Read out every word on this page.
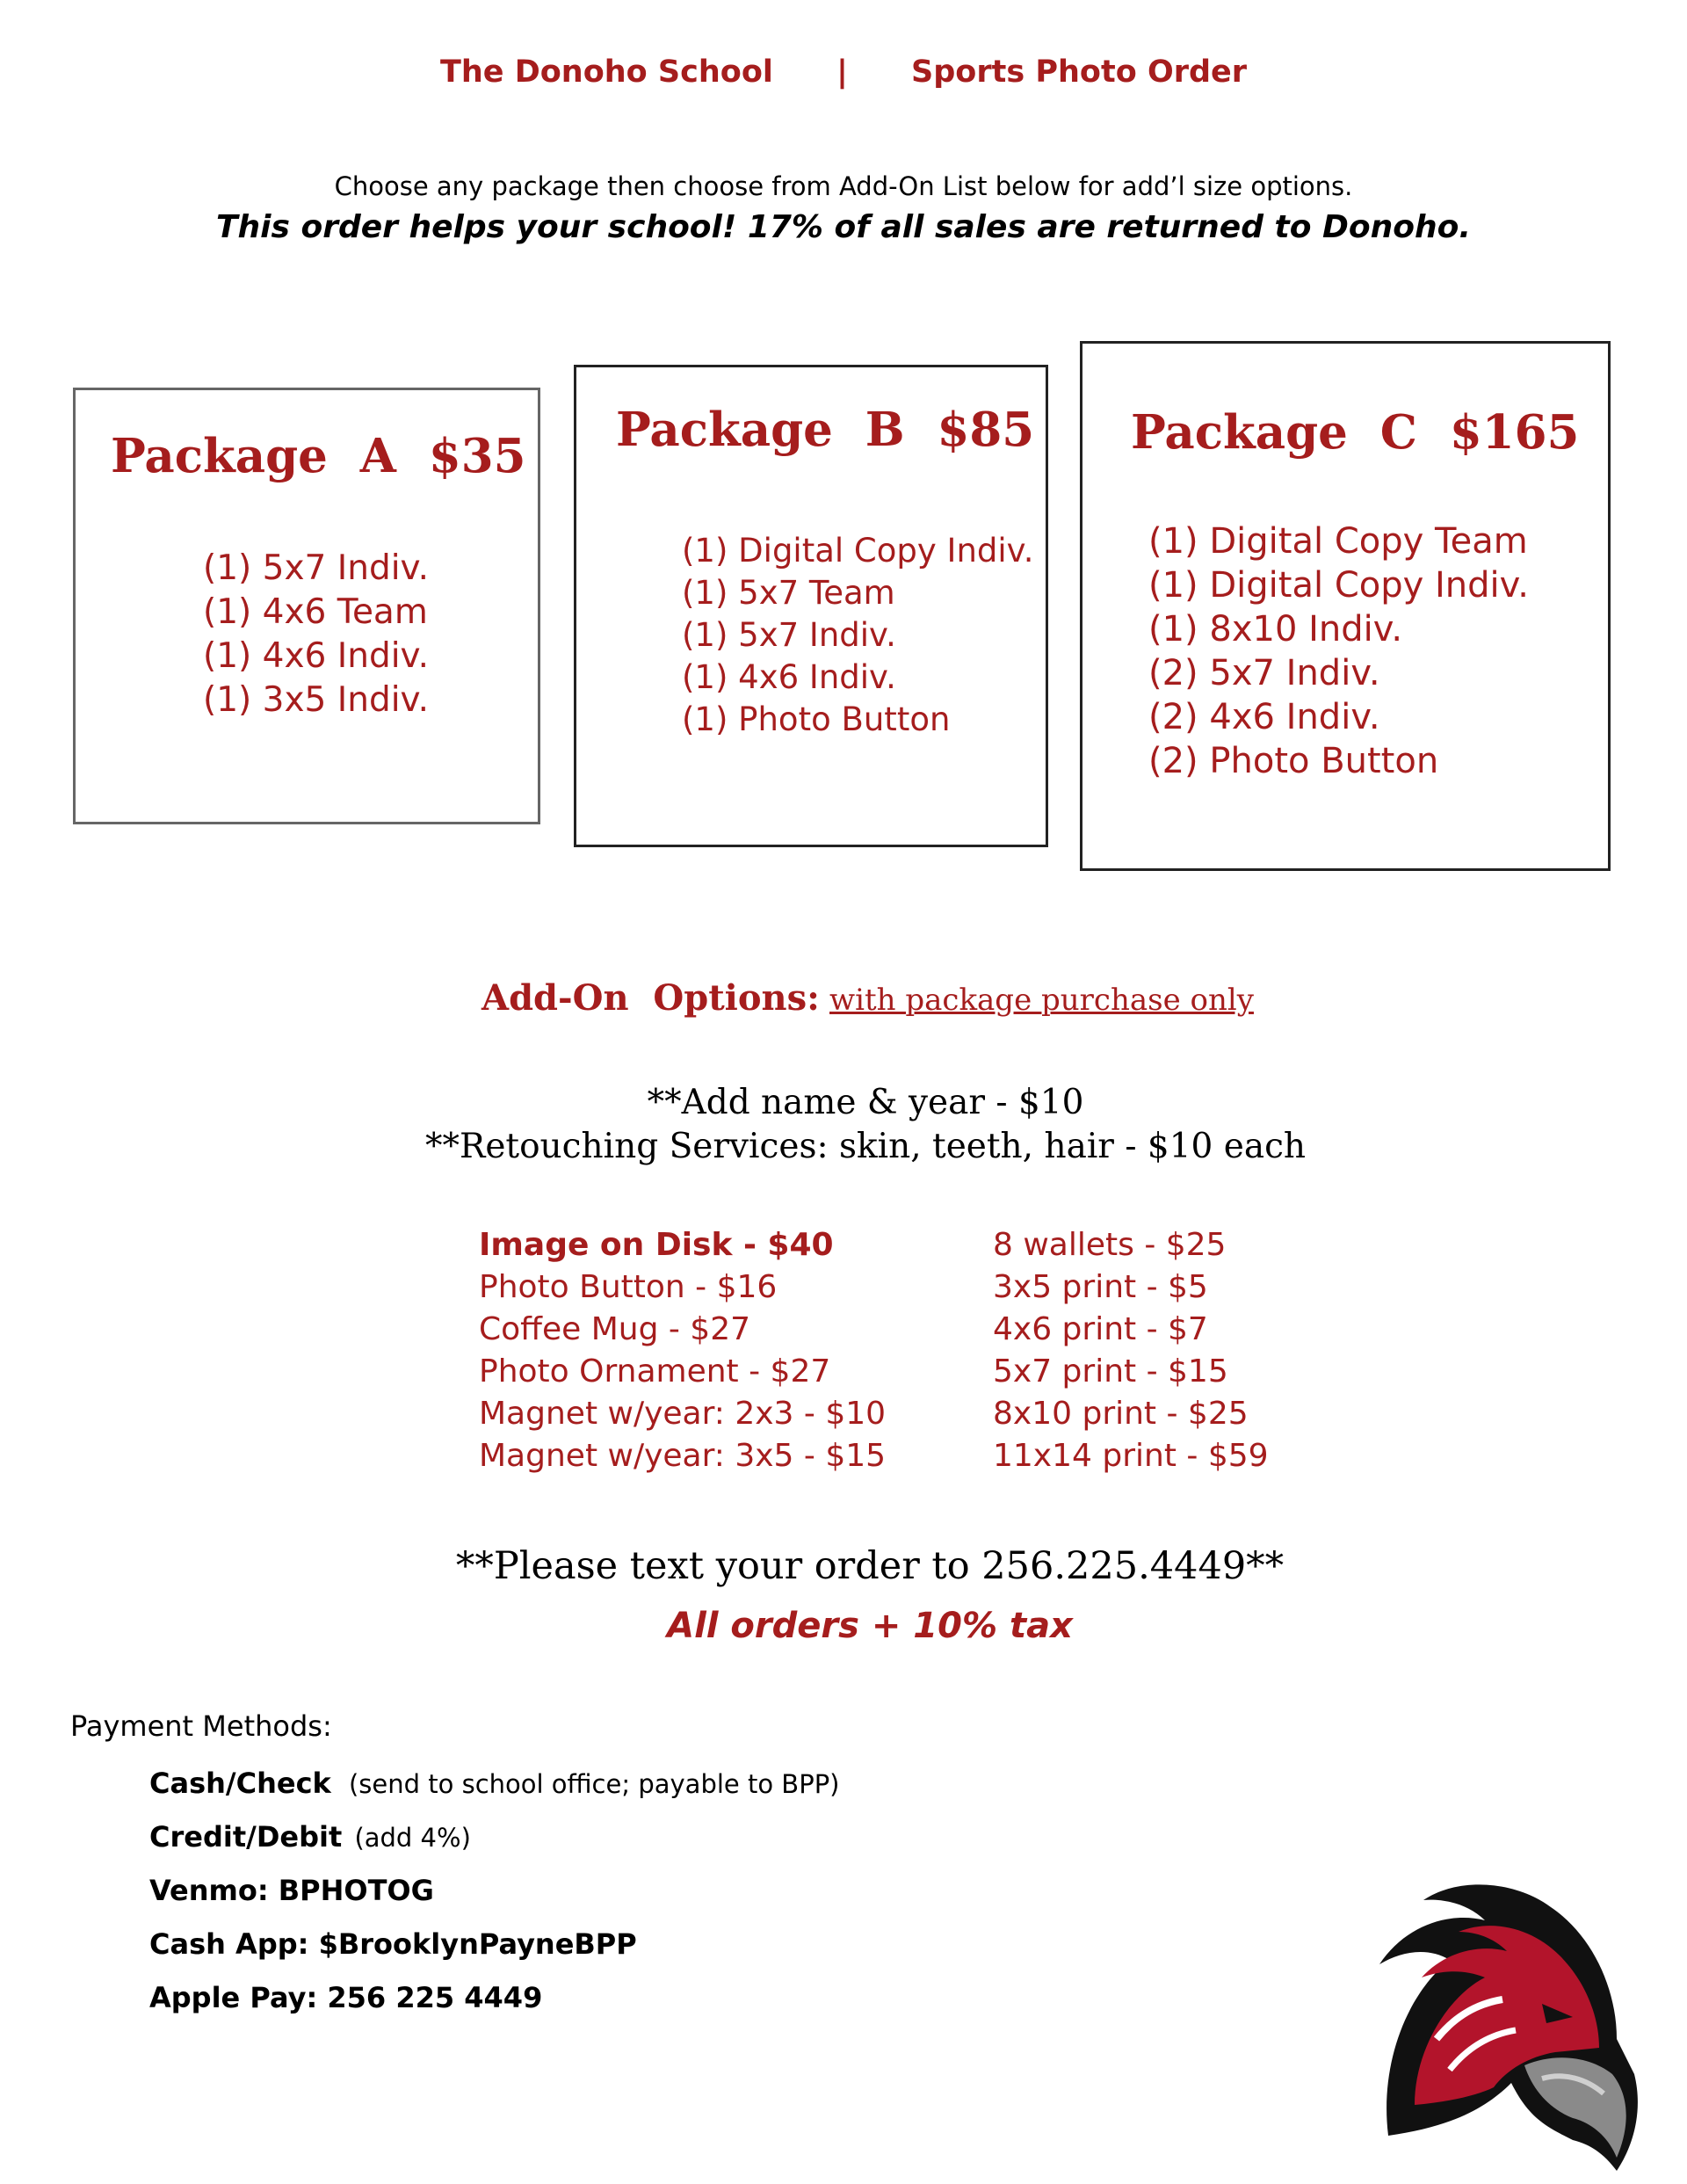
The Donoho School | Sports Photo Order
Choose any package then choose from Add-On List below for add’l size options.
This order helps your school! 17% of all sales are returned to Donoho.
Package  A $35
(1) 5x7 Indiv.
(1) 4x6 Team
(1) 4x6 Indiv.
(1) 3x5 Indiv.
Package  B $85
(1) Digital Copy Indiv.
(1) 5x7 Team
(1) 5x7 Indiv.
(1) 4x6 Indiv.
(1) Photo Button
Package  C $165
(1) Digital Copy Team
(1) Digital Copy Indiv.
(1) 8x10 Indiv.
(2) 5x7 Indiv.
(2) 4x6 Indiv.
(2) Photo Button
Add-On  Options: with package purchase only
**Add name & year - $10
**Retouching Services: skin, teeth, hair - $10 each
Image on Disk - $40
Photo Button - $16
Coffee Mug - $27
Photo Ornament - $27
Magnet w/year: 2x3 - $10
Magnet w/year: 3x5 - $15
8 wallets - $25
3x5 print - $5
4x6 print - $7
5x7 print - $15
8x10 print - $25
11x14 print - $59
**Please text your order to 256.225.4449**
All orders + 10% tax
Payment Methods:
Cash/Check (send to school office; payable to BPP)
Credit/Debit (add 4%)
Venmo: BPHOTOG
Cash App: $BrooklynPayneBPP
Apple Pay: 256 225 4449
